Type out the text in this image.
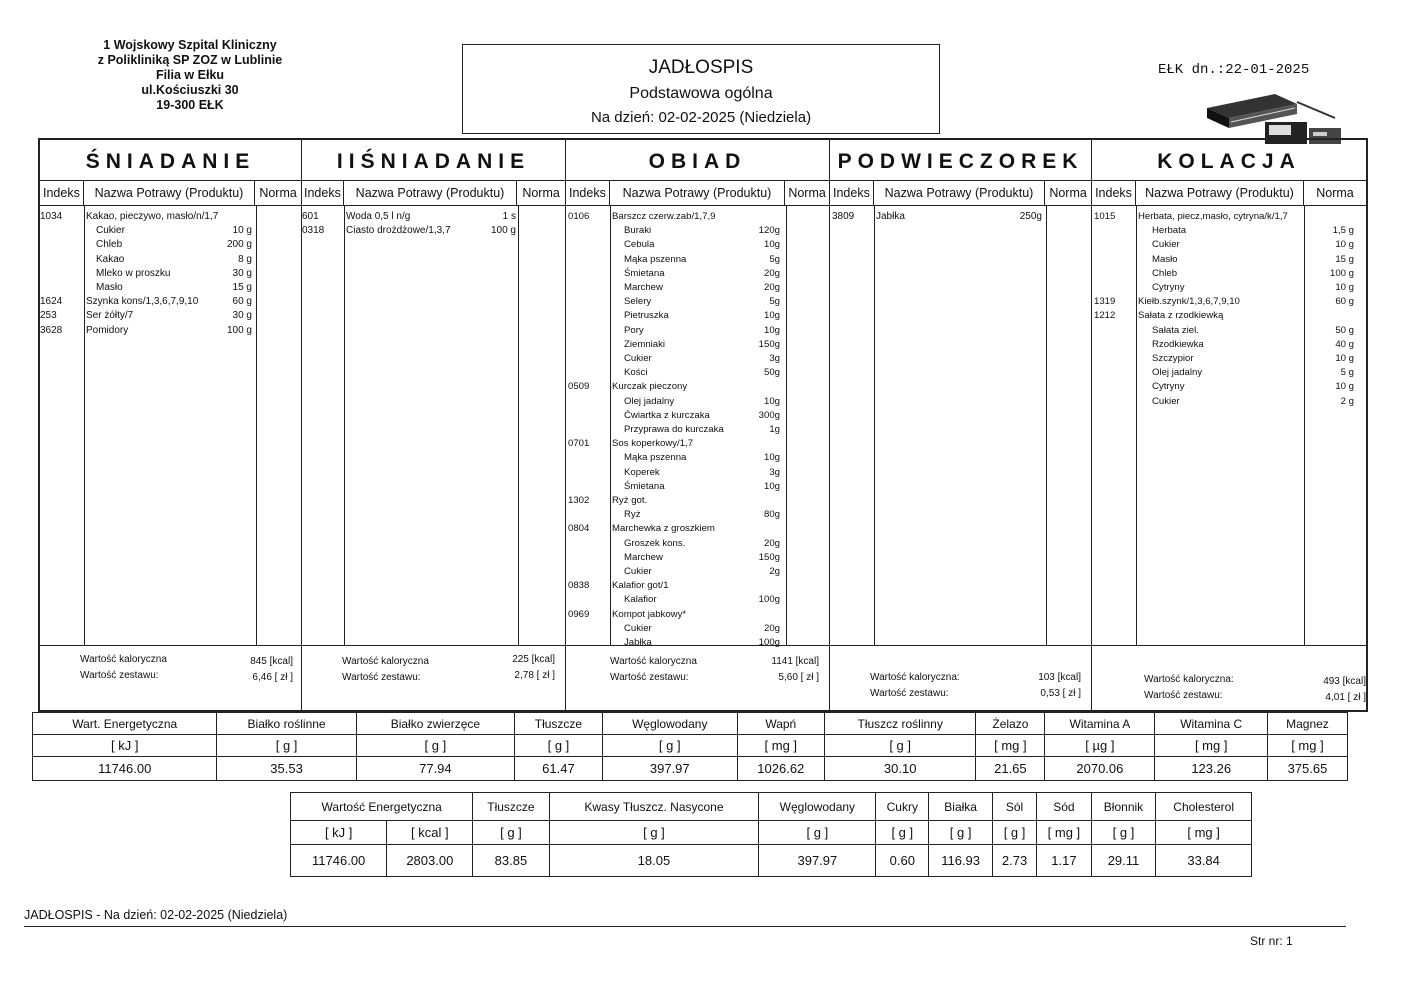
1 Wojskowy Szpital Kliniczny
z Polikliniką SP ZOZ w Lublinie
Filia w Ełku
ul.Kościuszki 30
19-300 EŁK
JADŁOSPIS
Podstawowa ogólna
Na dzień: 02-02-2025 (Niedziela)
EŁK dn.:22-01-2025
ŚNIADANIE
Indeks	Nazwa Potrawy (Produktu)	Norma
1034 Kakao, pieczywo, masło/n/1,7
Cukier	10 g
Chleb	200 g
Kakao	8 g
Mleko w proszku	30 g
Masło	15 g
1624 Szynka kons/1,3,6,7,9,10	60 g
253	Ser żółty/7	30 g
3628 Pomidory	100 g
Wartość kaloryczna	845 [kcal]
Wartość zestawu:	6,46 [ zł ]
IIŚNIADANIE
Indeks	Nazwa Potrawy (Produktu)	Norma
601	Woda 0,5 l n/g	1 s
0318 Ciasto drożdżowe/1,3,7	100 g
Wartość kaloryczna	225 [kcal]
Wartość zestawu:	2,78 [ zł ]
OBIAD
Indeks	Nazwa Potrawy (Produktu)	Norma
0106 Barszcz czerw.zab/1,7,9
Buraki	120g
Cebula	10g
Mąka pszenna	5g
Śmietana	20g
Marchew	20g
Selery	5g
Pietruszka	10g
Pory	10g
Ziemniaki	150g
Cukier	3g
Kości	50g
0509 Kurczak pieczony
Olej jadalny	10g
Ćwiartka z kurczaka	300g
Przyprawa do kurczaka	1g
0701 Sos koperkowy/1,7
Mąka pszenna	10g
Koperek	3g
Śmietana	10g
1302 Ryż got.
Ryż	80g
0804 Marchewka z groszkiem
Groszek kons.	20g
Marchew	150g
Cukier	2g
0838 Kalafior got/1
Kalafior	100g
0969 Kompot jabkowy*
Cukier	20g
Jabłka	100g
Wartość kaloryczna	1141 [kcal]
Wartość zestawu:	5,60 [ zł ]
PODWIECZOREK
Indeks	Nazwa Potrawy (Produktu)	Norma
3809 Jabłka	250g
Wartość kaloryczna:	103 [kcal]
Wartość zestawu:	0,53 [ zł ]
KOLACJA
Indeks	Nazwa Potrawy (Produktu)	Norma
1015 Herbata, piecz,masło, cytryna/k/1,7
Herbata	1,5 g
Cukier	10 g
Masło	15 g
Chleb	100 g
Cytryny	10 g
1319 Kiełb.szynk/1,3,6,7,9,10	60 g
1212 Sałata z rzodkiewką
Sałata ziel.	50 g
Rzodkiewka	40 g
Szczypior	10 g
Olej jadalny	5 g
Cytryny	10 g
Cukier	2 g
Wartość kaloryczna:	493 [kcal]
Wartość zestawu:	4,01 [ zł ]
Wart. Energetyczna	Białko roślinne	Białko zwierzęce	Tłuszcze	Węglowodany	Wapń	Tłuszcz roślinny	Żelazo	Witamina A	Witamina C	Magnez
[ kJ ]	[ g ]	[ g ]	[ g ]	[ g ]	[ mg ]	[ g ]	[ mg ]	[ µg ]	[ mg ]	[ mg ]
11746.00	35.53	77.94	61.47	397.97	1026.62	30.10	21.65	2070.06	123.26	375.65
Wartość Energetyczna		Tłuszcze	Kwasy Tłuszcz. Nasycone	Węglowodany	Cukry	Białka	Sól	Sód	Błonnik	Cholesterol
[ kJ ]	[ kcal ]	[ g ]	[ g ]	[ g ]	[ g ]	[ g ]	[ g ]	[ mg ]	[ g ]	[ mg ]
11746.00	2803.00	83.85	18.05	397.97	0.60	116.93	2.73	1.17	29.11	33.84
JADŁOSPIS - Na dzień: 02-02-2025 (Niedziela)
Str nr: 1
